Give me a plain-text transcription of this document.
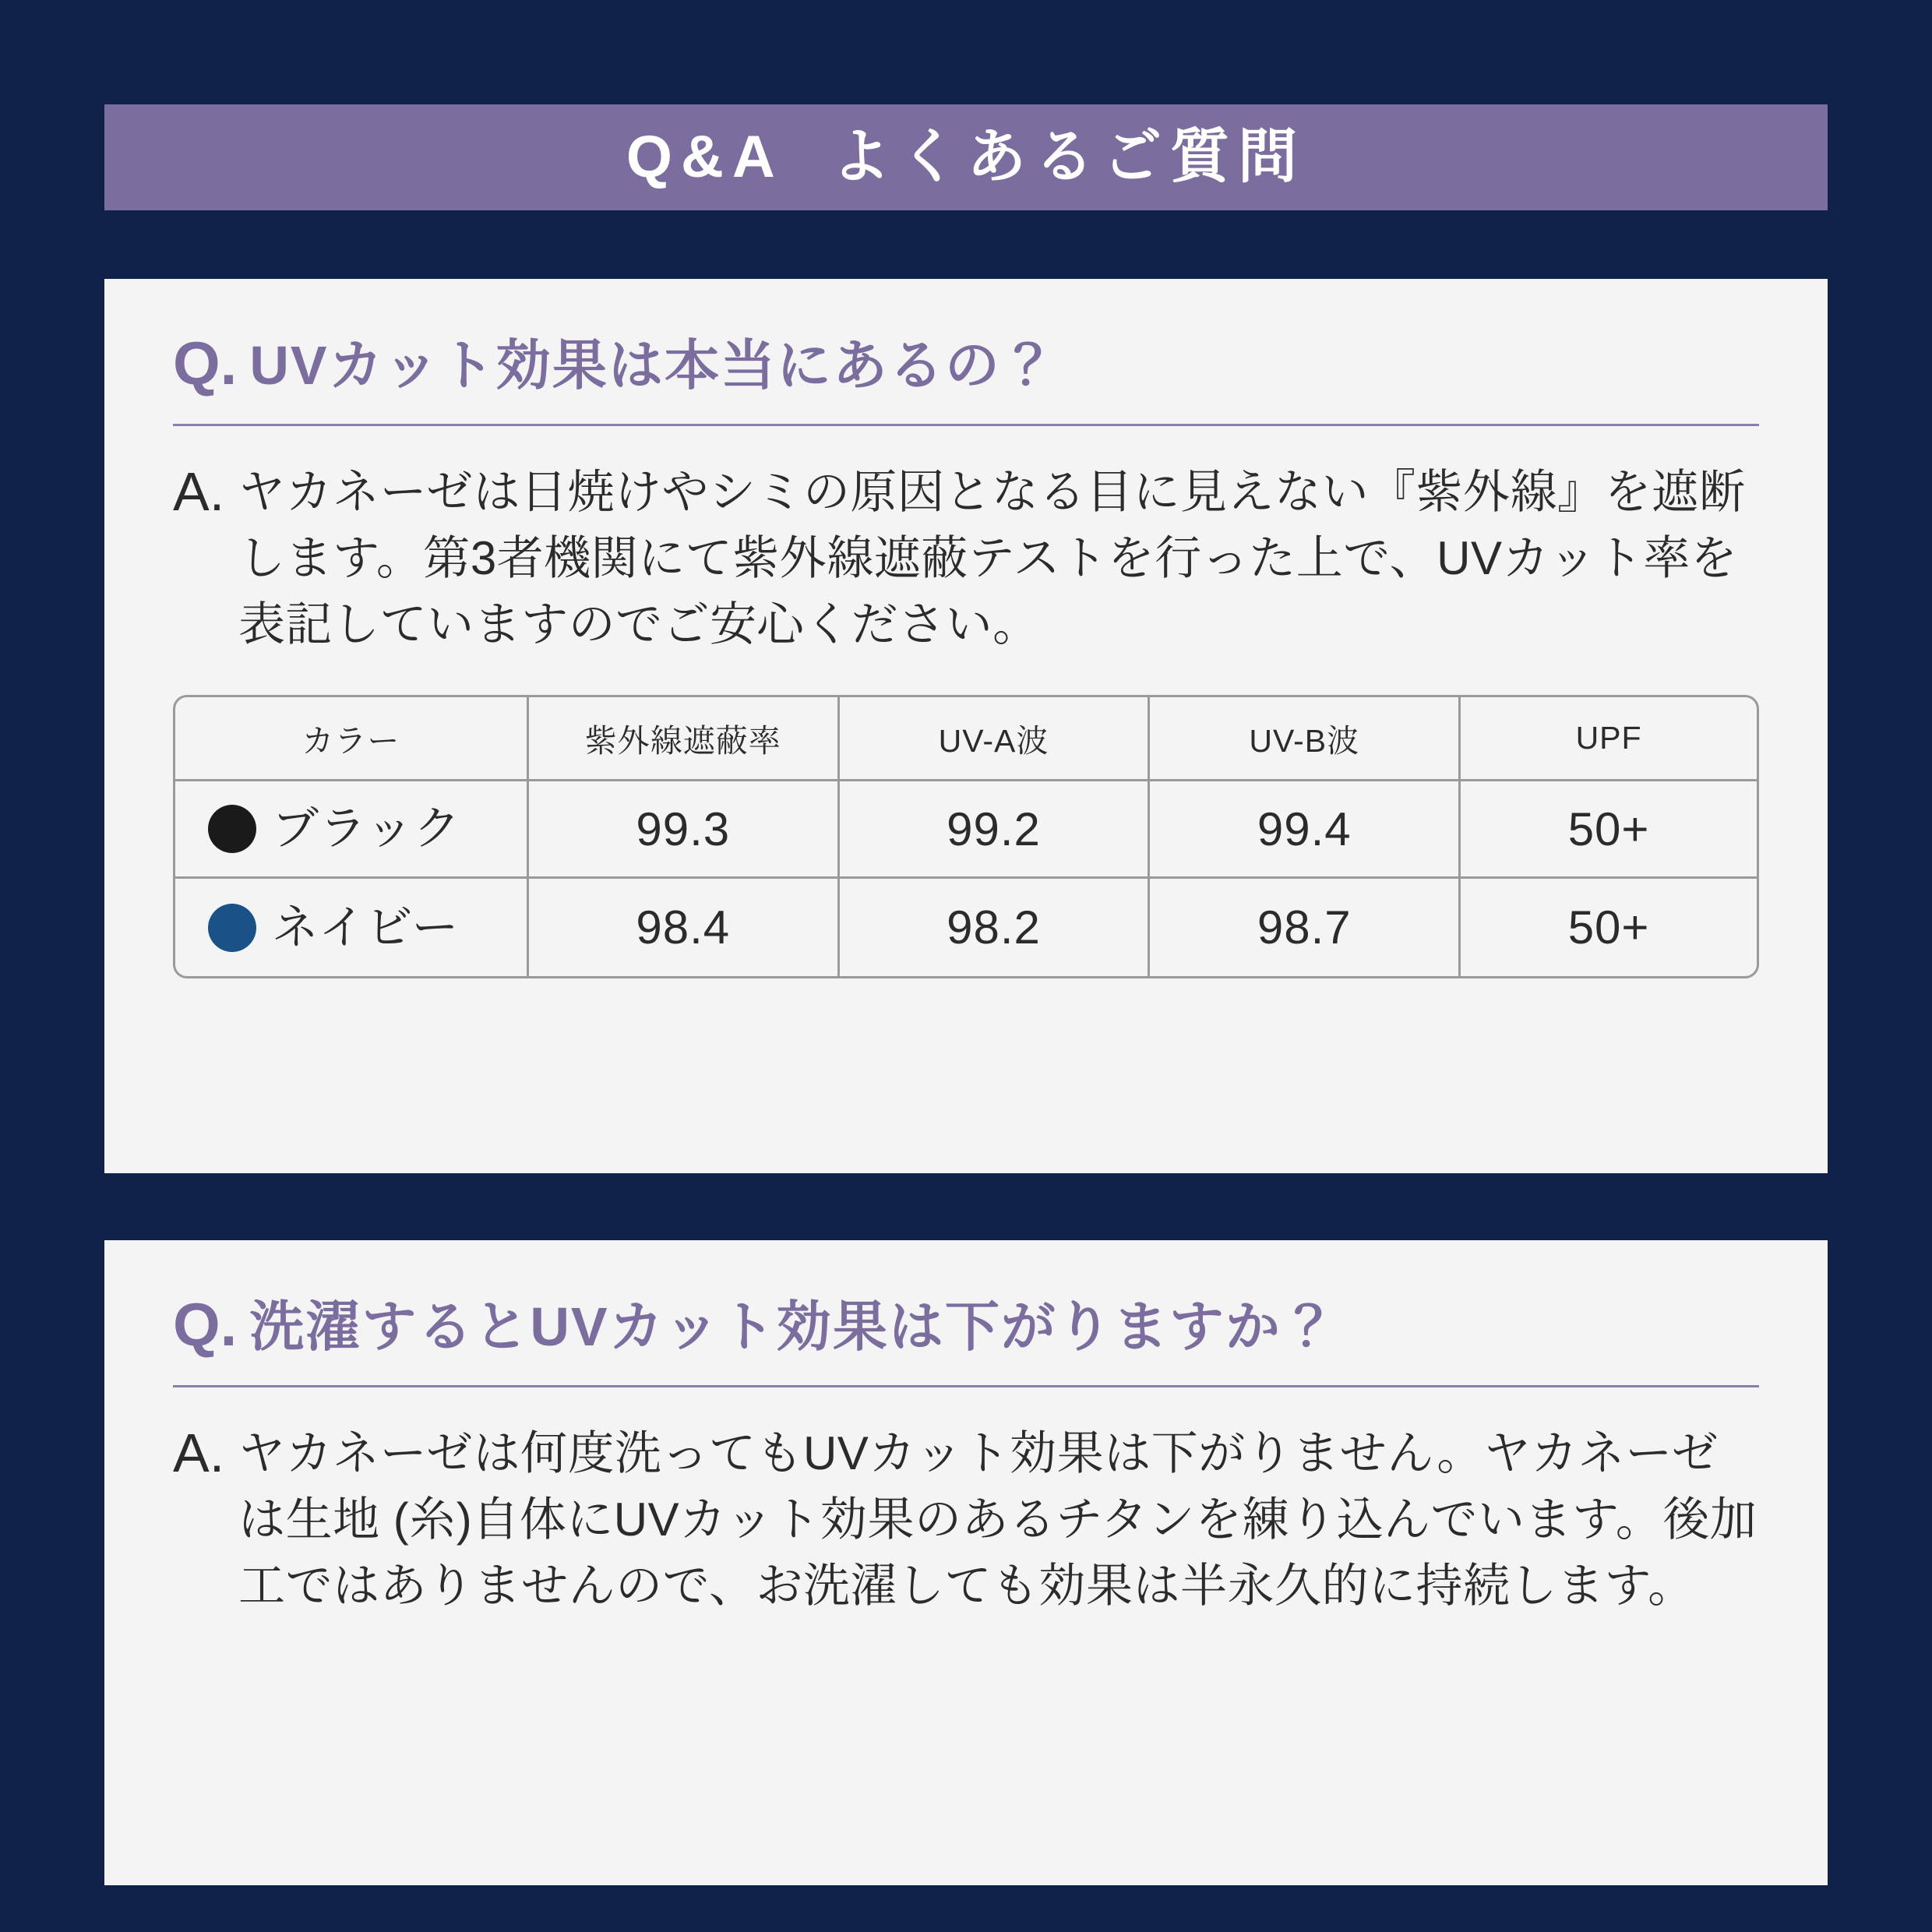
Q&A  よくあるご質問
Q. UVカット効果は本当にあるの？
A. ヤカネーゼは日焼けやシミの原因となる目に見えない『紫外線』を遮断します。第3者機関にて紫外線遮蔽テストを行った上で、UVカット率を表記していますのでご安心ください。
カラー	紫外線遮蔽率	UV-A波	UV-B波	UPF

ブラック	99.3	99.2	99.4	50+

ネイビー	98.4	98.2	98.7	50+
Q. 洗濯するとUVカット効果は下がりますか？
A. ヤカネーゼは何度洗ってもUVカット効果は下がりません。ヤカネーゼは生地 (糸)自体にUVカット効果のあるチタンを練り込んでいます。後加工ではありませんので、お洗濯しても効果は半永久的に持続します。
